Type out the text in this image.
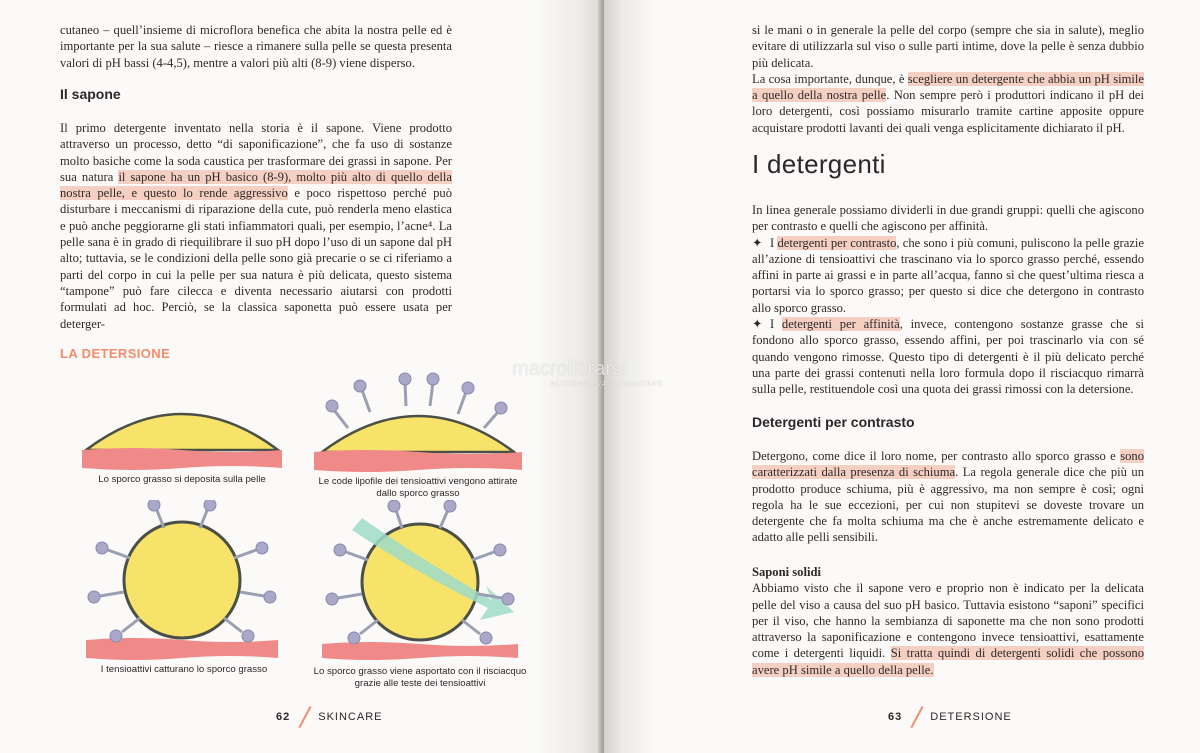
cutaneo – quell’insieme di microflora benefica che abita la nostra pelle ed è importante per la sua salute – riesce a rimanere sulla pelle se questa presenta valori di pH bassi (4-4,5), mentre a valori più alti (8-9) viene disperso.

Il sapone

Il primo detergente inventato nella storia è il sapone. Viene prodotto attraverso un processo, detto “di saponificazione”, che fa uso di sostanze molto basiche come la soda caustica per trasformare dei grassi in sapone. Per sua natura il sapone ha un pH basico (8-9), molto più alto di quello della nostra pelle, e questo lo rende aggressivo e poco rispettoso perché può disturbare i meccanismi di riparazione della cute, può renderla meno elastica e può anche peggiorarne gli stati infiammatori quali, per esempio, l’acne⁴. La pelle sana è in grado di riequilibrare il suo pH dopo l’uso di un sapone dal pH alto; tuttavia, se le condizioni della pelle sono già precarie o se ci riferiamo a parti del corpo in cui la pelle per sua natura è più delicata, questo sistema “tampone” può fare cilecca e diventa necessario aiutarsi con prodotti formulati ad hoc. Perciò, se la classica saponetta può essere usata per deterger-

LA DETERSIONE
Lo sporco grasso si deposita sulla pelle	Le code lipofile dei tensioattivi vengono attirate dallo sporco grasso
I tensioattivi catturano lo sporco grasso	Lo sporco grasso viene asportato con il risciacquo grazie alle teste dei tensioattivi
62	SKINCARE

si le mani o in generale la pelle del corpo (sempre che sia in salute), meglio evitare di utilizzarla sul viso o sulle parti intime, dove la pelle è senza dubbio più delicata.

La cosa importante, dunque, è scegliere un detergente che abbia un pH simile a quello della nostra pelle. Non sempre però i produttori indicano il pH dei loro detergenti, così possiamo misurarlo tramite cartine apposite oppure acquistare prodotti lavanti dei quali venga esplicitamente dichiarato il pH.

I detergenti

In linea generale possiamo dividerli in due grandi gruppi: quelli che agiscono per contrasto e quelli che agiscono per affinità.

✦ I detergenti per contrasto, che sono i più comuni, puliscono la pelle grazie all’azione di tensioattivi che trascinano via lo sporco grasso perché, essendo affini in parte ai grassi e in parte all’acqua, fanno sì che quest’ultima riesca a portarsi via lo sporco grasso; per questo si dice che detergono in contrasto allo sporco grasso.

✦ I detergenti per affinità, invece, contengono sostanze grasse che si fondono allo sporco grasso, essendo affini, per poi trascinarlo via con sé quando vengono rimosse. Questo tipo di detergenti è il più delicato perché una parte dei grassi contenuti nella loro formula dopo il risciacquo rimarrà sulla pelle, restituendole così una quota dei grassi rimossi con la detersione.

Detergenti per contrasto

Detergono, come dice il loro nome, per contrasto allo sporco grasso e sono caratterizzati dalla presenza di schiuma. La regola generale dice che più un prodotto produce schiuma, più è aggressivo, ma non sempre è così; ogni regola ha le sue eccezioni, per cui non stupitevi se doveste trovare un detergente che fa molta schiuma ma che è anche estremamente delicato e adatto alle pelli sensibili.

Saponi solidi

Abbiamo visto che il sapone vero e proprio non è indicato per la delicata pelle del viso a causa del suo pH basico. Tuttavia esistono “saponi” specifici per il viso, che hanno la sembianza di saponette ma che non sono prodotti attraverso la saponificazione e contengono invece tensioattivi, esattamente come i detergenti liquidi. Si tratta quindi di detergenti solidi che possono avere pH simile a quello della pelle.

63	DETERSIONE
macrolibrarsi
ALTERNATIVA ALIMENTARE
